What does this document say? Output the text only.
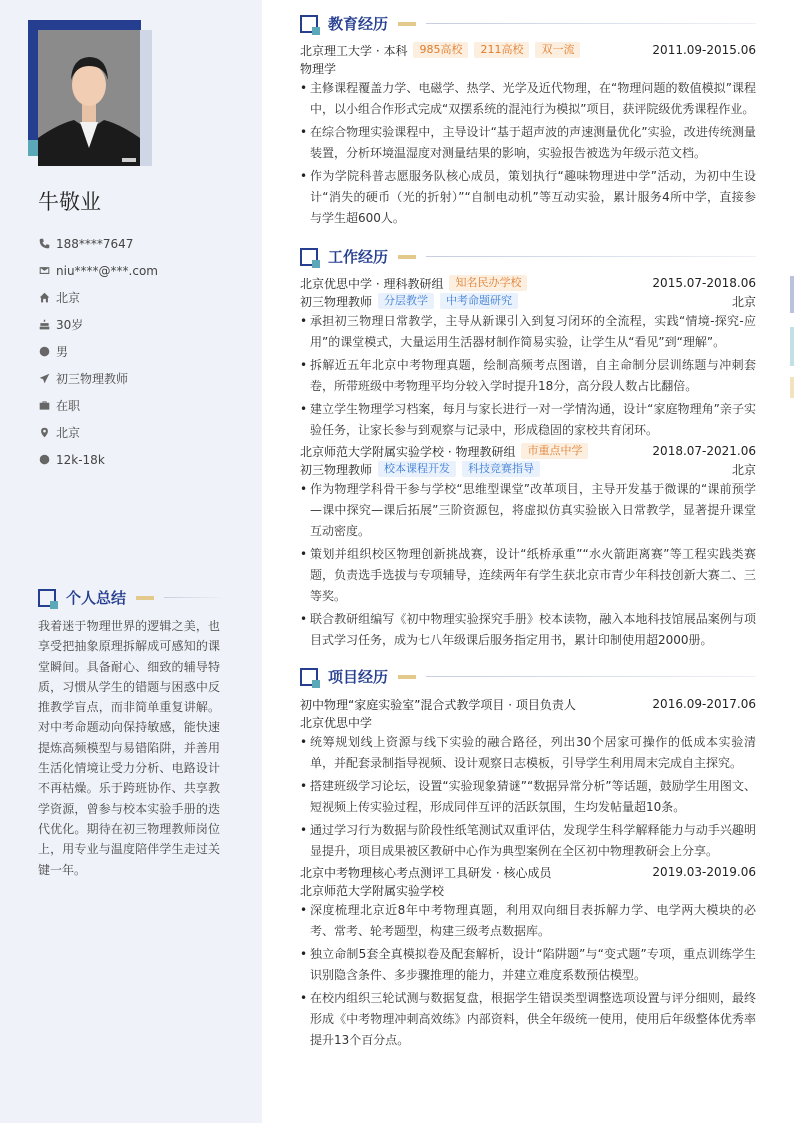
牛敬业
188****7647
niu****@***.com
北京
30岁
男
初三物理教师
在职
北京
12k-18k
个人总结
我着迷于物理世界的逻辑之美，也享受把抽象原理拆解成可感知的课堂瞬间。具备耐心、细致的辅导特质，习惯从学生的错题与困惑中反推教学盲点，而非简单重复讲解。对中考命题动向保持敏感，能快速提炼高频模型与易错陷阱，并善用生活化情境让受力分析、电路设计不再枯燥。乐于跨班协作、共享教学资源，曾参与校本实验手册的迭代优化。期待在初三物理教师岗位上，用专业与温度陪伴学生走过关键一年。
教育经历
北京理工大学 · 本科	985高校	211高校	双一流	2011.09-2015.06
物理学
• 主修课程覆盖力学、电磁学、热学、光学及近代物理，在“物理问题的数值模拟”课程中，以小组合作形式完成“双摆系统的混沌行为模拟”项目，获评院级优秀课程作业。
• 在综合物理实验课程中，主导设计“基于超声波的声速测量优化”实验，改进传统测量装置，分析环境温湿度对测量结果的影响，实验报告被选为年级示范文档。
• 作为学院科普志愿服务队核心成员，策划执行“趣味物理进中学”活动，为初中生设计“消失的硬币（光的折射）”“自制电动机”等互动实验，累计服务4所中学，直接参与学生超600人。
工作经历
北京优思中学 · 理科教研组	知名民办学校	2015.07-2018.06
初三物理教师	分层教学	中考命题研究	北京
• 承担初三物理日常教学，主导从新课引入到复习闭环的全流程，实践“情境-探究-应用”的课堂模式，大量运用生活器材制作简易实验，让学生从“看见”到“理解”。
• 拆解近五年北京中考物理真题，绘制高频考点图谱，自主命制分层训练题与冲刺套卷，所带班级中考物理平均分较入学时提升18分，高分段人数占比翻倍。
• 建立学生物理学习档案，每月与家长进行一对一学情沟通，设计“家庭物理角”亲子实验任务，让家长参与到观察与记录中，形成稳固的家校共育闭环。
北京师范大学附属实验学校 · 物理教研组	市重点中学	2018.07-2021.06
初三物理教师	校本课程开发	科技竞赛指导	北京
• 作为物理学科骨干参与学校“思维型课堂”改革项目，主导开发基于微课的“课前预学—课中探究—课后拓展”三阶资源包，将虚拟仿真实验嵌入日常教学，显著提升课堂互动密度。
• 策划并组织校区物理创新挑战赛，设计“纸桥承重”“水火箭距离赛”等工程实践类赛题，负责选手选拔与专项辅导，连续两年有学生获北京市青少年科技创新大赛二、三等奖。
• 联合教研组编写《初中物理实验探究手册》校本读物，融入本地科技馆展品案例与项目式学习任务，成为七八年级课后服务指定用书，累计印制使用超2000册。
项目经历
初中物理“家庭实验室”混合式教学项目 · 项目负责人	2016.09-2017.06
北京优思中学
• 统筹规划线上资源与线下实验的融合路径，列出30个居家可操作的低成本实验清单，并配套录制指导视频、设计观察日志模板，引导学生利用周末完成自主探究。
• 搭建班级学习论坛，设置“实验现象猜谜”“数据异常分析”等话题，鼓励学生用图文、短视频上传实验过程，形成同伴互评的活跃氛围，生均发帖量超10条。
• 通过学习行为数据与阶段性纸笔测试双重评估，发现学生科学解释能力与动手兴趣明显提升，项目成果被区教研中心作为典型案例在全区初中物理教研会上分享。
北京中考物理核心考点测评工具研发 · 核心成员	2019.03-2019.06
北京师范大学附属实验学校
• 深度梳理北京近8年中考物理真题，利用双向细目表拆解力学、电学两大模块的必考、常考、轮考题型，构建三级考点数据库。
• 独立命制5套全真模拟卷及配套解析，设计“陷阱题”与“变式题”专项，重点训练学生识别隐含条件、多步骤推理的能力，并建立难度系数预估模型。
• 在校内组织三轮试测与数据复盘，根据学生错误类型调整选项设置与评分细则，最终形成《中考物理冲刺高效练》内部资料，供全年级统一使用，使用后年级整体优秀率提升13个百分点。
